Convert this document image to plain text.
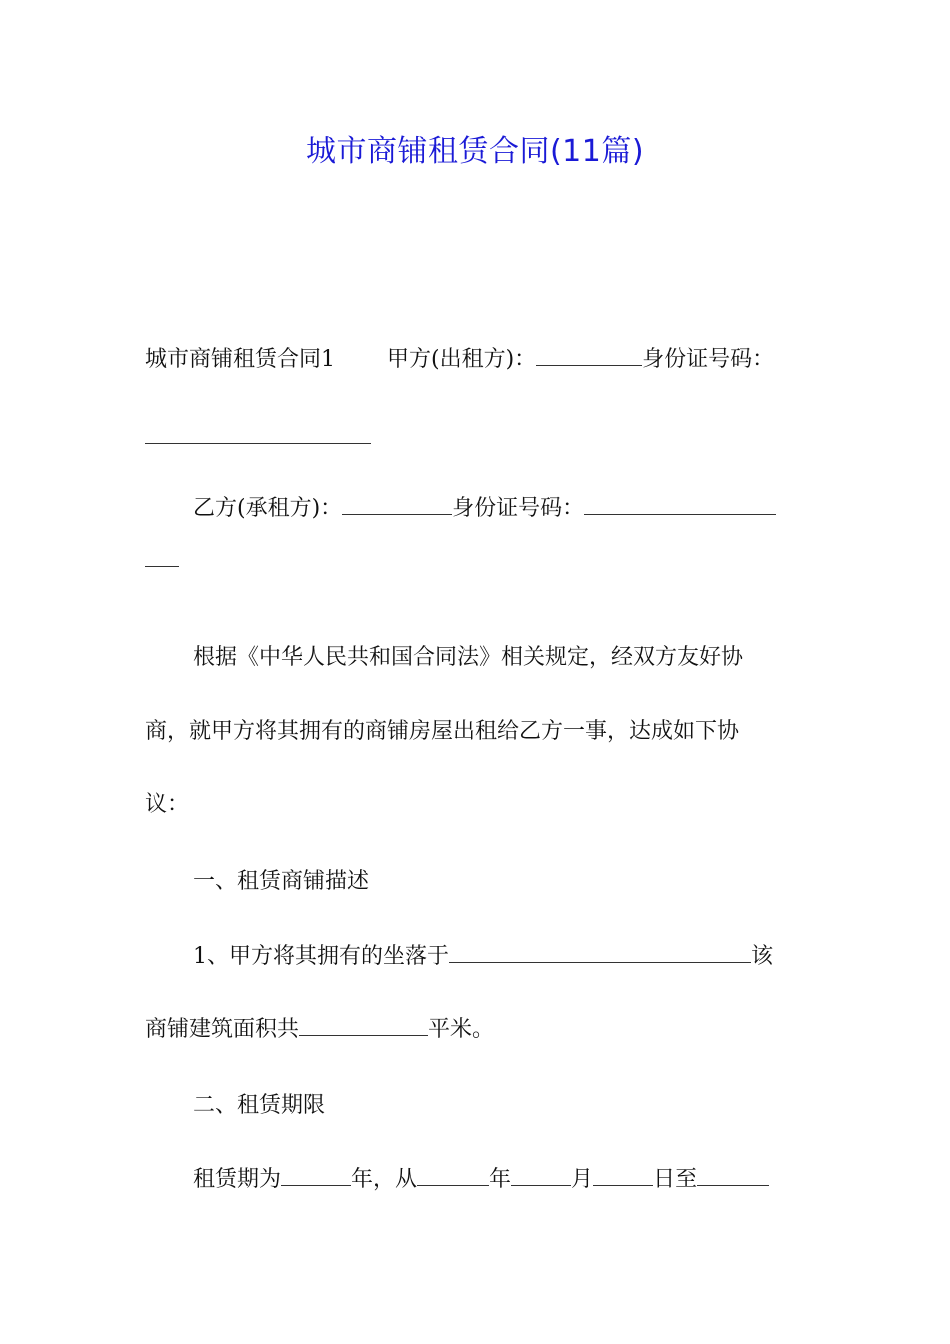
城市商铺租赁合同(11篇)
城市商铺租赁合同1 甲方(出租方)：	身份证号码：
乙方(承租方)：	身份证号码：
根据《中华人民共和国合同法》相关规定，经双方友好协
商，就甲方将其拥有的商铺房屋出租给乙方一事，达成如下协
议：
一、租赁商铺描述
1、甲方将其拥有的坐落于	该
商铺建筑面积共	平米。
二、租赁期限
租赁期为	年，从	年	月	日至
